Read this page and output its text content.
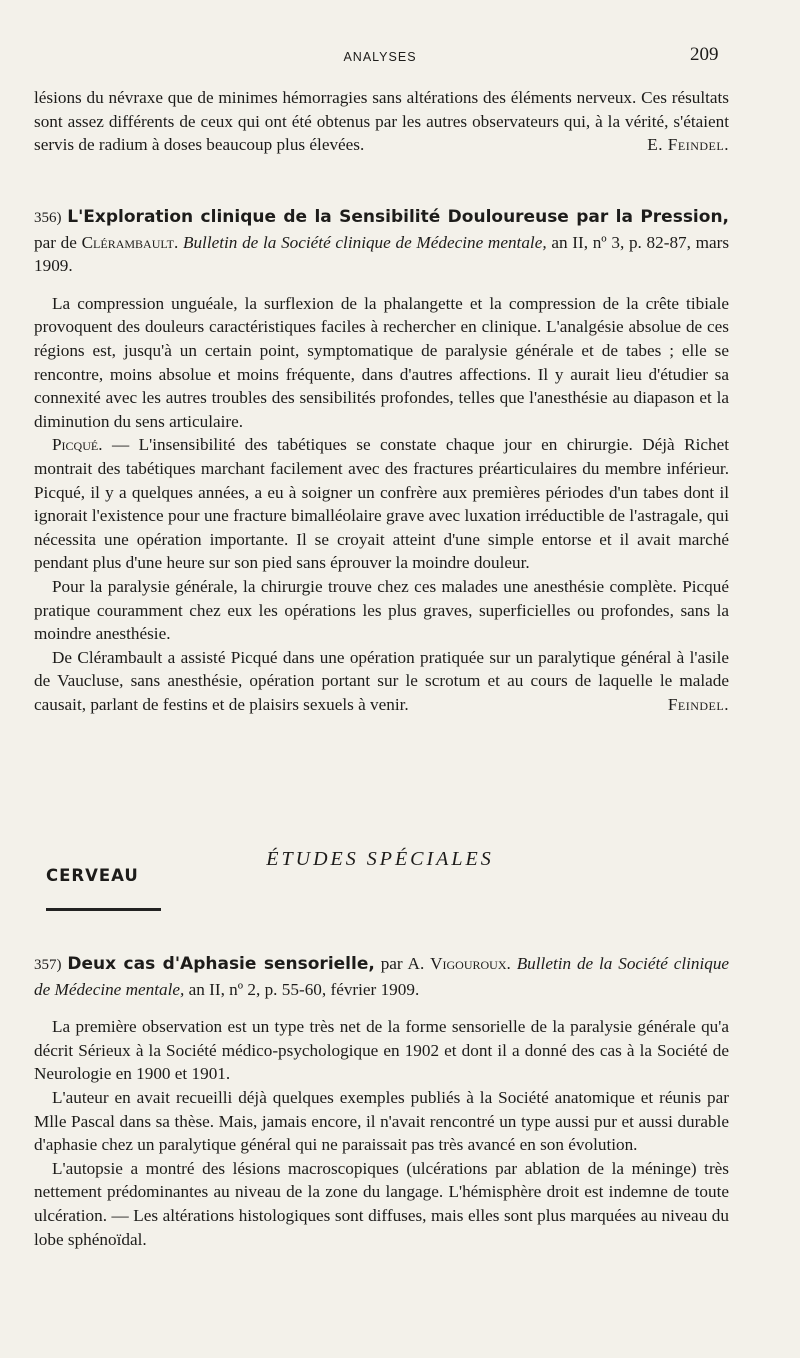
ANALYSES	209

lésions du névraxe que de minimes hémorragies sans altérations des éléments nerveux. Ces résultats sont assez différents de ceux qui ont été obtenus par les autres observateurs qui, à la vérité, s'étaient servis de radium à doses beaucoup plus élevées.	E. Feindel.

356) L'Exploration clinique de la Sensibilité Douloureuse par la Pression, par de Clérambault. Bulletin de la Société clinique de Médecine mentale, an II, nº 3, p. 82-87, mars 1909.

La compression unguéale, la surflexion de la phalangette et la compression de la crête tibiale provoquent des douleurs caractéristiques faciles à rechercher en clinique. L'analgésie absolue de ces régions est, jusqu'à un certain point, symptomatique de paralysie générale et de tabes ; elle se rencontre, moins absolue et moins fréquente, dans d'autres affections. Il y aurait lieu d'étudier sa connexité avec les autres troubles des sensibilités profondes, telles que l'anesthésie au diapason et la diminution du sens articulaire.

Picqué. — L'insensibilité des tabétiques se constate chaque jour en chirurgie. Déjà Richet montrait des tabétiques marchant facilement avec des fractures préarticulaires du membre inférieur. Picqué, il y a quelques années, a eu à soigner un confrère aux premières périodes d'un tabes dont il ignorait l'existence pour une fracture bimalléolaire grave avec luxation irréductible de l'astragale, qui nécessita une opération importante. Il se croyait atteint d'une simple entorse et il avait marché pendant plus d'une heure sur son pied sans éprouver la moindre douleur.

Pour la paralysie générale, la chirurgie trouve chez ces malades une anesthésie complète. Picqué pratique couramment chez eux les opérations les plus graves, superficielles ou profondes, sans la moindre anesthésie.

De Clérambault a assisté Picqué dans une opération pratiquée sur un paralytique général à l'asile de Vaucluse, sans anesthésie, opération portant sur le scrotum et au cours de laquelle le malade causait, parlant de festins et de plaisirs sexuels à venir.	Feindel.

ÉTUDES SPÉCIALES
CERVEAU

357) Deux cas d'Aphasie sensorielle, par A. Vigouroux. Bulletin de la Société clinique de Médecine mentale, an II, nº 2, p. 55-60, février 1909.

La première observation est un type très net de la forme sensorielle de la paralysie générale qu'a décrit Sérieux à la Société médico-psychologique en 1902 et dont il a donné des cas à la Société de Neurologie en 1900 et 1901.

L'auteur en avait recueilli déjà quelques exemples publiés à la Société anatomique et réunis par Mlle Pascal dans sa thèse. Mais, jamais encore, il n'avait rencontré un type aussi pur et aussi durable d'aphasie chez un paralytique général qui ne paraissait pas très avancé en son évolution.

L'autopsie a montré des lésions macroscopiques (ulcérations par ablation de la méninge) très nettement prédominantes au niveau de la zone du langage. L'hémisphère droit est indemne de toute ulcération. — Les altérations histologiques sont diffuses, mais elles sont plus marquées au niveau du lobe sphénoïdal.
